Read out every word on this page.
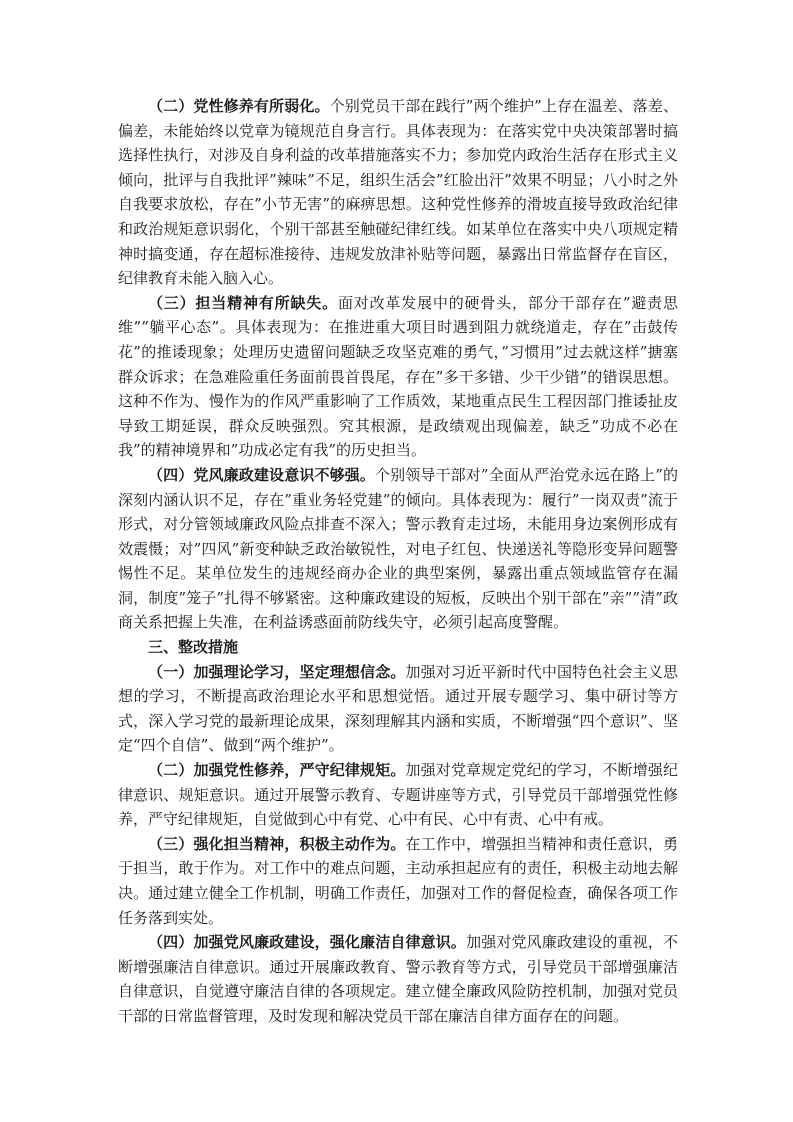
（二）党性修养有所弱化。个别党员干部在践行”两个维护”上存在温差、落差、偏差，未能始终以党章为镜规范自身言行。具体表现为：在落实党中央决策部署时搞选择性执行，对涉及自身利益的改革措施落实不力；参加党内政治生活存在形式主义倾向，批评与自我批评”辣味”不足，组织生活会”红脸出汗”效果不明显；八小时之外自我要求放松，存在”小节无害”的麻痹思想。这种党性修养的滑坡直接导致政治纪律和政治规矩意识弱化，个别干部甚至触碰纪律红线。如某单位在落实中央八项规定精神时搞变通，存在超标准接待、违规发放津补贴等问题，暴露出日常监督存在盲区，纪律教育未能入脑入心。

（三）担当精神有所缺失。面对改革发展中的硬骨头，部分干部存在”避责思维””躺平心态”。具体表现为：在推进重大项目时遇到阻力就绕道走，存在”击鼓传花”的推诿现象；处理历史遗留问题缺乏攻坚克难的勇气，”习惯用”过去就这样”搪塞群众诉求；在急难险重任务面前畏首畏尾，存在”多干多错、少干少错”的错误思想。这种不作为、慢作为的作风严重影响了工作质效，某地重点民生工程因部门推诿扯皮导致工期延误，群众反映强烈。究其根源，是政绩观出现偏差，缺乏”功成不必在我”的精神境界和”功成必定有我”的历史担当。

（四）党风廉政建设意识不够强。个别领导干部对”全面从严治党永远在路上”的深刻内涵认识不足，存在”重业务轻党建”的倾向。具体表现为：履行”一岗双责”流于形式，对分管领域廉政风险点排查不深入；警示教育走过场，未能用身边案例形成有效震慑；对”四风”新变种缺乏政治敏锐性，对电子红包、快递送礼等隐形变异问题警惕性不足。某单位发生的违规经商办企业的典型案例，暴露出重点领域监管存在漏洞，制度”笼子”扎得不够紧密。这种廉政建设的短板，反映出个别干部在”亲””清”政商关系把握上失准，在利益诱惑面前防线失守，必须引起高度警醒。

三、整改措施

（一）加强理论学习，坚定理想信念。加强对习近平新时代中国特色社会主义思想的学习，不断提高政治理论水平和思想觉悟。通过开展专题学习、集中研讨等方式，深入学习党的最新理论成果，深刻理解其内涵和实质，不断增强“四个意识”、坚定“四个自信”、做到“两个维护”。

（二）加强党性修养，严守纪律规矩。加强对党章规定党纪的学习，不断增强纪律意识、规矩意识。通过开展警示教育、专题讲座等方式，引导党员干部增强党性修养，严守纪律规矩，自觉做到心中有党、心中有民、心中有责、心中有戒。

（三）强化担当精神，积极主动作为。在工作中，增强担当精神和责任意识，勇于担当，敢于作为。对工作中的难点问题，主动承担起应有的责任，积极主动地去解决。通过建立健全工作机制，明确工作责任，加强对工作的督促检查，确保各项工作任务落到实处。

（四）加强党风廉政建设，强化廉洁自律意识。加强对党风廉政建设的重视，不断增强廉洁自律意识。通过开展廉政教育、警示教育等方式，引导党员干部增强廉洁自律意识，自觉遵守廉洁自律的各项规定。建立健全廉政风险防控机制，加强对党员干部的日常监督管理，及时发现和解决党员干部在廉洁自律方面存在的问题。
